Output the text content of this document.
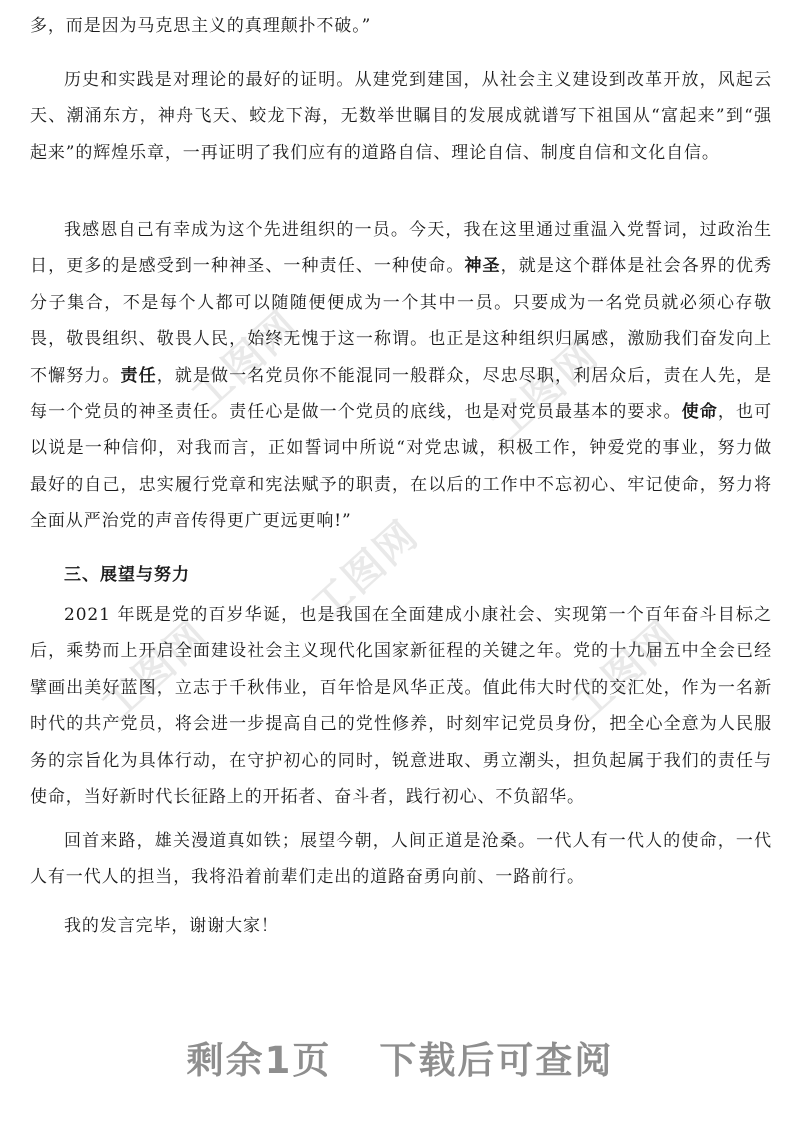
工图网	工图网
工图网
工图网	工图网

多，而是因为马克思主义的真理颠扑不破。”

历史和实践是对理论的最好的证明。从建党到建国，从社会主义建设到改革开放，风起云天、潮涌东方，神舟飞天、蛟龙下海，无数举世瞩目的发展成就谱写下祖国从“富起来”到“强起来”的辉煌乐章，一再证明了我们应有的道路自信、理论自信、制度自信和文化自信。

我感恩自己有幸成为这个先进组织的一员。今天，我在这里通过重温入党誓词，过政治生日，更多的是感受到一种神圣、一种责任、一种使命。神圣，就是这个群体是社会各界的优秀分子集合，不是每个人都可以随随便便成为一个其中一员。只要成为一名党员就必须心存敬畏，敬畏组织、敬畏人民，始终无愧于这一称谓。也正是这种组织归属感，激励我们奋发向上不懈努力。责任，就是做一名党员你不能混同一般群众，尽忠尽职，利居众后，责在人先，是每一个党员的神圣责任。责任心是做一个党员的底线，也是对党员最基本的要求。使命，也可以说是一种信仰，对我而言，正如誓词中所说“对党忠诚，积极工作，钟爱党的事业，努力做最好的自己，忠实履行党章和宪法赋予的职责，在以后的工作中不忘初心、牢记使命，努力将全面从严治党的声音传得更广更远更响!”

三、展望与努力

2021 年既是党的百岁华诞，也是我国在全面建成小康社会、实现第一个百年奋斗目标之后，乘势而上开启全面建设社会主义现代化国家新征程的关键之年。党的十九届五中全会已经擘画出美好蓝图，立志于千秋伟业，百年恰是风华正茂。值此伟大时代的交汇处，作为一名新时代的共产党员，将会进一步提高自己的党性修养，时刻牢记党员身份，把全心全意为人民服务的宗旨化为具体行动，在守护初心的同时，锐意进取、勇立潮头，担负起属于我们的责任与使命，当好新时代长征路上的开拓者、奋斗者，践行初心、不负韶华。

回首来路，雄关漫道真如铁；展望今朝，人间正道是沧桑。一代人有一代人的使命，一代人有一代人的担当，我将沿着前辈们走出的道路奋勇向前、一路前行。

我的发言完毕，谢谢大家！

剩余1页 下载后可查阅
